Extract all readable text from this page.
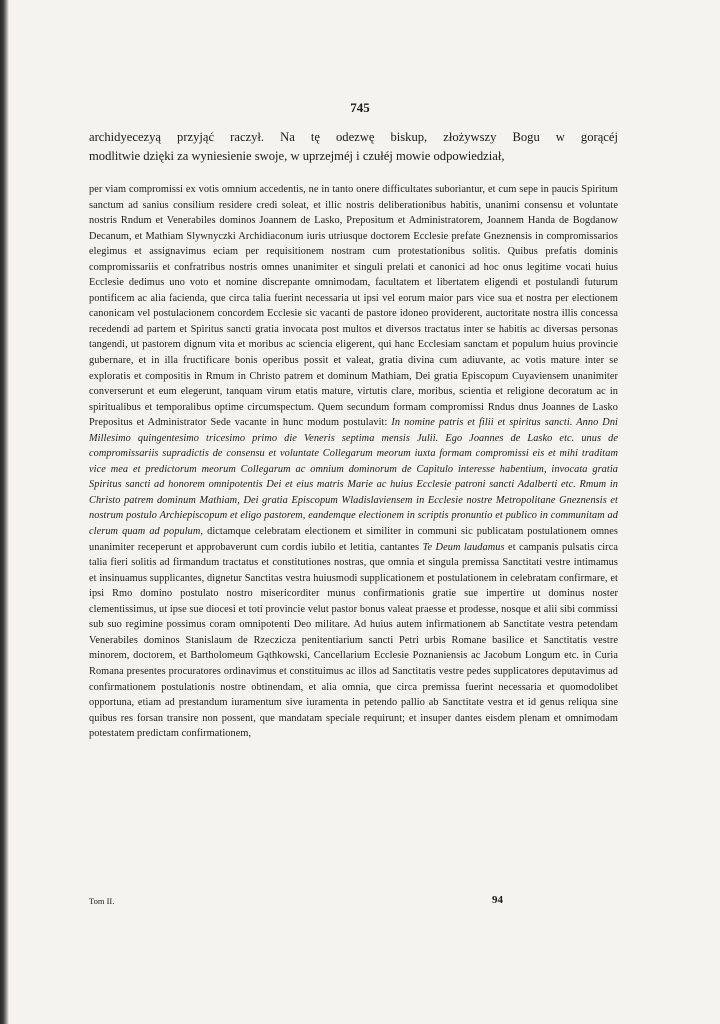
745

archidyecezyą przyjąć raczył. Na tę odezwę biskup, złożywszy Bogu w gorącéj

modlitwie dzięki za wyniesienie swoje, w uprzejméj i czułéj mowie odpowiedział,

per viam compromissi ex votis omnium accedentis, ne in tanto onere difficultates suboriantur, et cum sepe in paucis Spiritum sanctum ad sanius consilium residere credi soleat, et illic nostris deliberationibus habitis, unanimi consensu et voluntate nostris Rndum et Venerabiles dominos Joannem de Lasko, Prepositum et Administratorem, Joannem Handa de Bogdanow Decanum, et Mathiam Slywnyczki Archidiaconum iuris utriusque doctorem Ecclesie prefate Gneznensis in compromissarios elegimus et assignavimus eciam per requisitionem nostram cum protestationibus solitis. Quibus prefatis dominis compromissariis et confratribus nostris omnes unanimiter et singuli prelati et canonici ad hoc onus legitime vocati huius Ecclesie dedimus uno voto et nomine discrepante omnimodam, facultatem et libertatem eligendi et postulandi futurum pontificem ac alia facienda, que circa talia fuerint necessaria ut ipsi vel eorum maior pars vice sua et nostra per electionem canonicam vel postulacionem concordem Ecclesie sic vacanti de pastore idoneo providerent, auctoritate nostra illis concessa recedendi ad partem et Spiritus sancti gratia invocata post multos et diversos tractatus inter se habitis ac diversas personas tangendi, ut pastorem dignum vita et moribus ac sciencia eligerent, qui hanc Ecclesiam sanctam et populum huius provincie gubernare, et in illa fructificare bonis operibus possit et valeat, gratia divina cum adiuvante, ac votis mature inter se exploratis et compositis in Rmum in Christo patrem et dominum Mathiam, Dei gratia Episcopum Cuyaviensem unanimiter converserunt et eum elegerunt, tanquam virum etatis mature, virtutis clare, moribus, scientia et religione decoratum ac in spiritualibus et temporalibus optime circumspectum. Quem secundum formam compromissi Rndus dnus Joannes de Lasko Prepositus et Administrator Sede vacante in hunc modum postulavit: In nomine patris et filii et spiritus sancti. Anno Dni Millesimo quingentesimo tricesimo primo die Veneris septima mensis Julii. Ego Joannes de Lasko etc. unus de compromissariis supradictis de consensu et voluntate Collegarum meorum iuxta formam compromissi eis et mihi traditam vice mea et predictorum meorum Collegarum ac omnium dominorum de Capitulo interesse habentium, invocata gratia Spiritus sancti ad honorem omnipotentis Dei et eius matris Marie ac huius Ecclesie patroni sancti Adalberti etc. Rmum in Christo patrem dominum Mathiam, Dei gratia Episcopum Wladislaviensem in Ecclesie nostre Metropolitane Gneznensis et nostrum postulo Archiepiscopum et eligo pastorem, eandemque electionem in scriptis pronuntio et publico in communitam ad clerum quam ad populum, dictamque celebratam electionem et similiter in communi sic publicatam postulationem omnes unanimiter receperunt et approbaverunt cum cordis iubilo et letitia, cantantes Te Deum laudamus et campanis pulsatis circa talia fieri solitis ad firmandum tractatus et constitutiones nostras, que omnia et singula premissa Sanctitati vestre intimamus et insinuamus supplicantes, dignetur Sanctitas vestra huiusmodi supplicationem et postulationem in celebratam confirmare, et ipsi Rmo domino postulato nostro misericorditer munus confirmationis gratie sue impertire ut dominus noster clementissimus, ut ipse sue diocesi et toti provincie velut pastor bonus valeat praesse et prodesse, nosque et alii sibi commissi sub suo regimine possimus coram omnipotenti Deo militare. Ad huius autem infirmationem ab Sanctitate vestra petendam Venerabiles dominos Stanislaum de Rzeczicza penitentiarium sancti Petri urbis Romane basilice et Sanctitatis vestre minorem, doctorem, et Bartholomeum Gąthkowski, Cancellarium Ecclesie Poznaniensis ac Jacobum Longum etc. in Curia Romana presentes procuratores ordinavimus et constituimus ac illos ad Sanctitatis vestre pedes supplicatores deputavimus ad confirmationem postulationis nostre obtinendam, et alia omnia, que circa premissa fuerint necessaria et quomodolibet opportuna, etiam ad prestandum iuramentum sive iuramenta in petendo pallio ab Sanctitate vestra et id genus reliqua sine quibus res forsan transire non possent, que mandatam speciale requirunt; et insuper dantes eisdem plenam et omnimodam potestatem predictam confirmationem,

Tom II.	94
